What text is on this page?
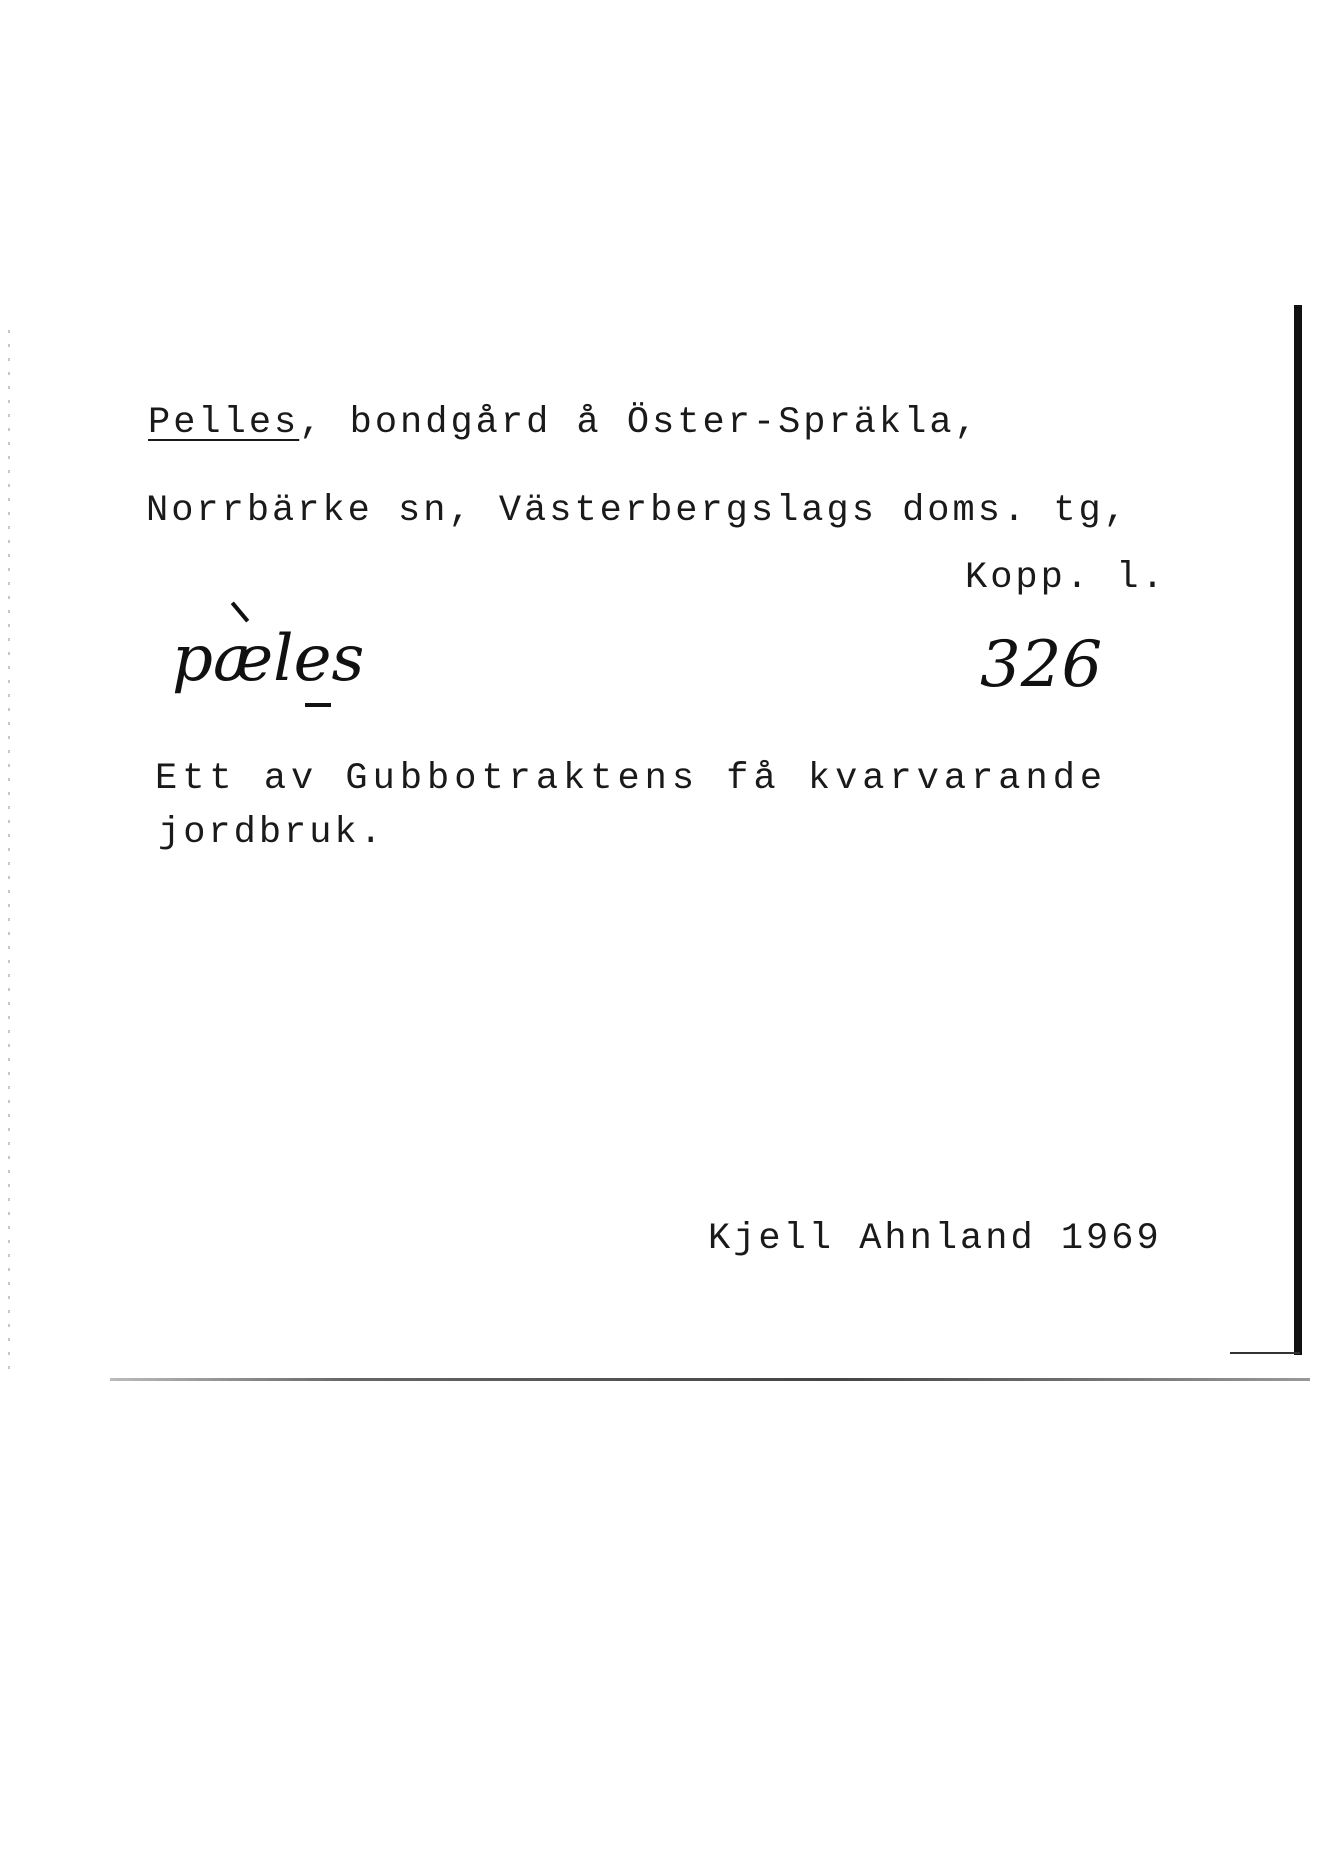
Pelles, bondgård å Öster-Spräkla,
Norrbärke sn, Västerbergslags doms. tg,
Kopp. l.
pæles	326
Ett av Gubbotraktens få kvarvarande
jordbruk.
Kjell Ahnland 1969
